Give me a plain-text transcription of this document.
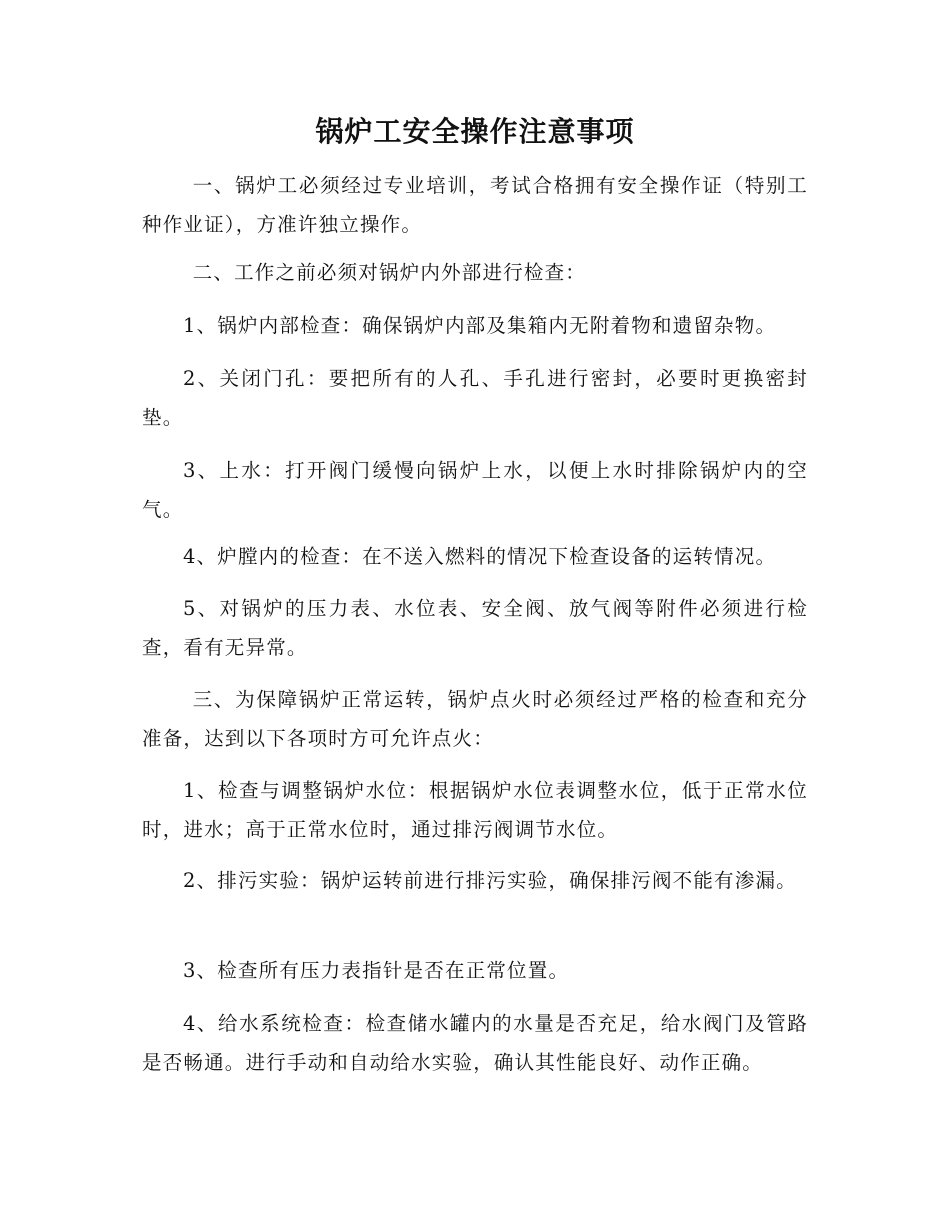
锅炉工安全操作注意事项

一、锅炉工必须经过专业培训，考试合格拥有安全操作证（特别工种作业证），方准许独立操作。

二、工作之前必须对锅炉内外部进行检查：

1、锅炉内部检查：确保锅炉内部及集箱内无附着物和遗留杂物。

2、关闭门孔：要把所有的人孔、手孔进行密封，必要时更换密封垫。

3、上水：打开阀门缓慢向锅炉上水，以便上水时排除锅炉内的空气。

4、炉膛内的检查：在不送入燃料的情况下检查设备的运转情况。

5、对锅炉的压力表、水位表、安全阀、放气阀等附件必须进行检查，看有无异常。

三、为保障锅炉正常运转，锅炉点火时必须经过严格的检查和充分准备，达到以下各项时方可允许点火：

1、检查与调整锅炉水位：根据锅炉水位表调整水位，低于正常水位时，进水；高于正常水位时，通过排污阀调节水位。

2、排污实验：锅炉运转前进行排污实验，确保排污阀不能有渗漏。

3、检查所有压力表指针是否在正常位置。

4、给水系统检查：检查储水罐内的水量是否充足，给水阀门及管路是否畅通。进行手动和自动给水实验，确认其性能良好、动作正确。
